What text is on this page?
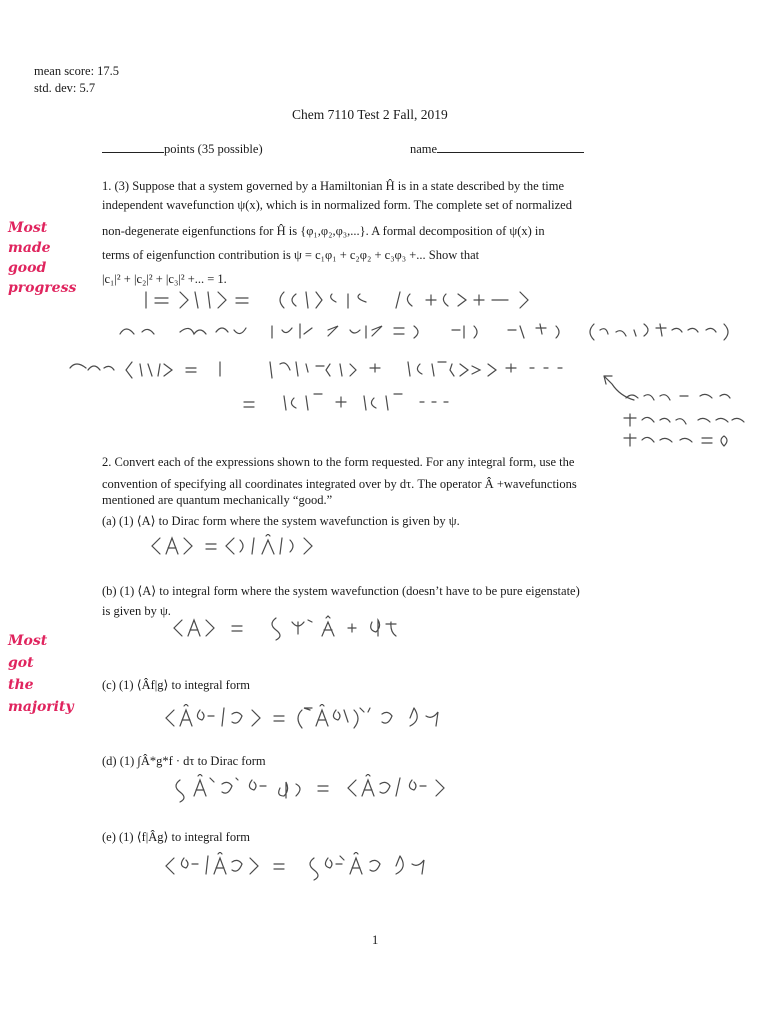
mean score: 17.5
std. dev: 5.7
Chem 7110 Test 2 Fall, 2019
points (35 possible)	name
1. (3) Suppose that a system governed by a Hamiltonian Ĥ is in a state described by the time
independent wavefunction ψ(x), which is in normalized form. The complete set of normalized
non-degenerate eigenfunctions for Ĥ is {φ₁,φ₂,φ₃,...}. A formal decomposition of ψ(x) in
terms of eigenfunction contribution is ψ = c₁φ₁ + c₂φ₂ + c₃φ₃ +... Show that
|c₁|² + |c₂|² + |c₃|² +... = 1.
Most
made
good
progress
2. Convert each of the expressions shown to the form requested. For any integral form, use the
convention of specifying all coordinates integrated over by dτ. The operator Â +wavefunctions
mentioned are quantum mechanically “good.”
Most
got
the
majority
(a) (1) ⟨A⟩ to Dirac form where the system wavefunction is given by ψ.
(b) (1) ⟨A⟩ to integral form where the system wavefunction (doesn’t have to be pure eigenstate)
is given by ψ.
(c) (1) ⟨Âf|g⟩ to integral form
(d) (1) ∫Â*g*f · dτ to Dirac form
(e) (1) ⟨f|Âg⟩ to integral form
1
